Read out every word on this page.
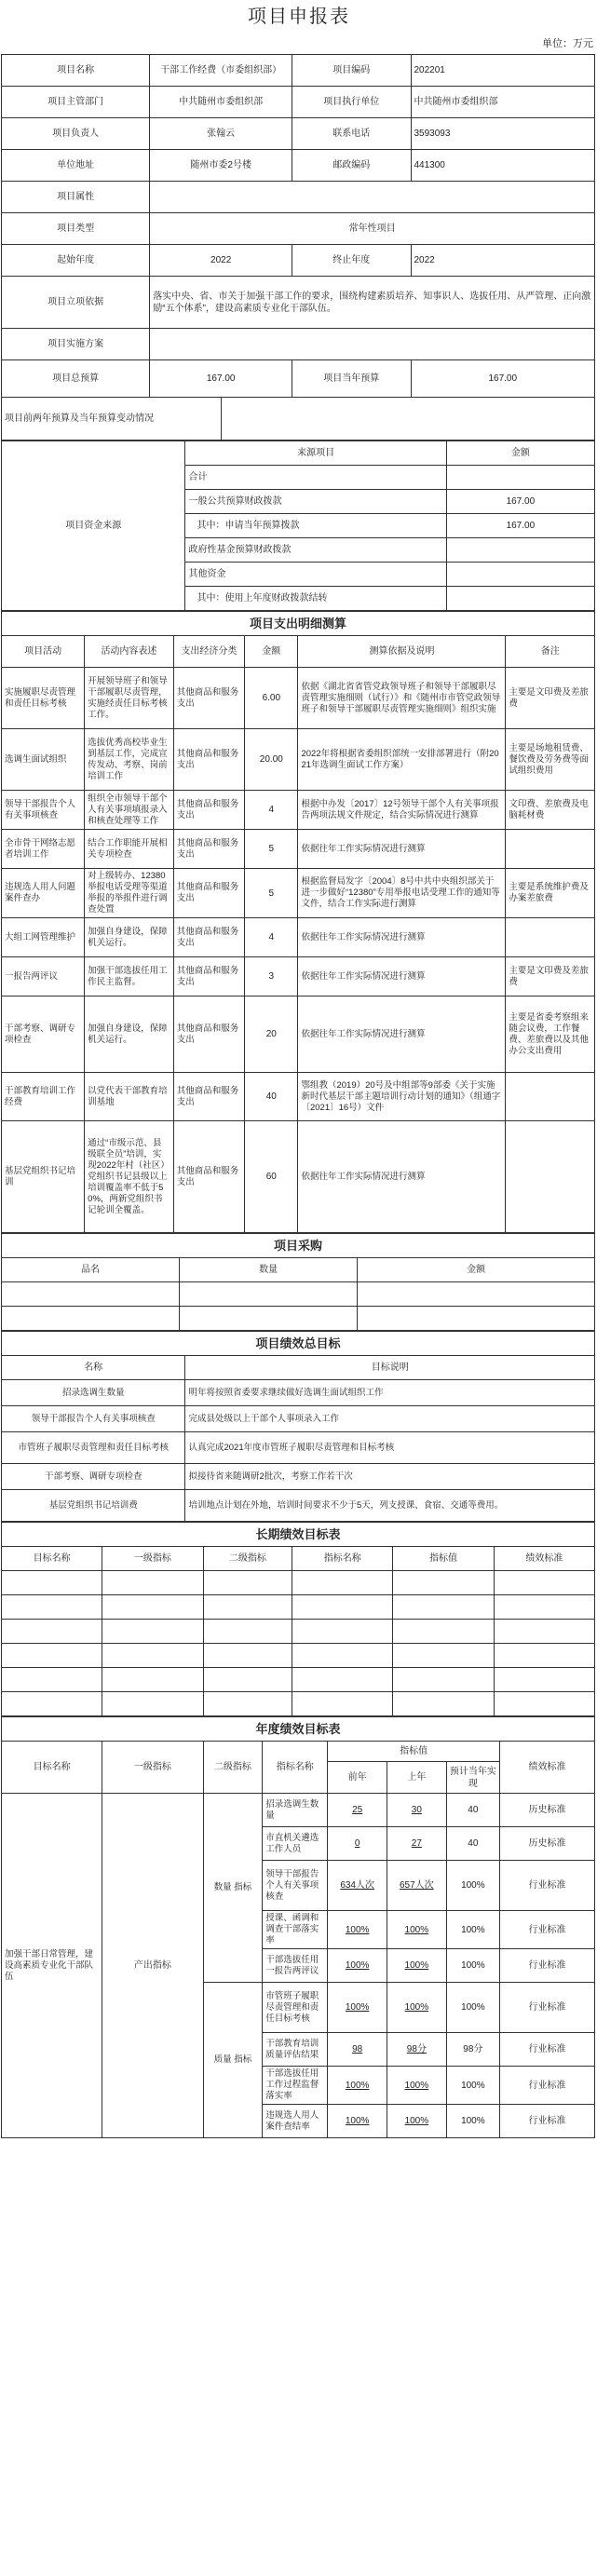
项目申报表
单位：万元
项目名称	干部工作经费（市委组织部）		项目编码	202201
项目主管部门	中共随州市委组织部		项目执行单位	中共随州市委组织部
项目负责人	张翰云		联系电话	3593093
单位地址	随州市委2号楼		邮政编码	441300
项目属性				
项目类型	常年性项目			
起始年度	2022		终止年度	2022
项目立项依据	落实中央、省、市关于加强干部工作的要求，围绕构建素质培养、知事识人、选拔任用、从严管理、正向激励“五个体系”，建设高素质专业化干部队伍。			
项目实施方案				
项目总预算	167.00		项目当年预算	167.00
项目前两年预算及当年预算变动情况				
项目资金来源	来源项目	金额
	合计	
	一般公共预算财政拨款	167.00
	其中：申请当年预算拨款	167.00
	政府性基金预算财政拨款	
	其他资金	
	其中：使用上年度财政拨款结转	
项目支出明细测算					
项目活动	活动内容表述	支出经济分类	金额	测算依据及说明	备注
实施履职尽责管理和责任目标考核	开展领导班子和领导干部履职尽责管理，实施经责任目标考核工作。	其他商品和服务支出	6.00	依据《湖北省省管党政领导班子和领导干部履职尽责管理实施细则（试行）》和《随州市市管党政领导班子和领导干部履职尽责管理实施细则》组织实施	主要是文印费及差旅费
选调生面试组织	选拔优秀高校毕业生到基层工作，完成宣传发动、考察、岗前培训工作	其他商品和服务支出	20.00	2022年将根据省委组织部统一安排部署进行（附2021年选调生面试工作方案）	主要是场地租赁费、餐饮费及劳务费等面试组织费用
领导干部报告个人有关事项核查	组织全市领导干部个人有关事项填报录入和核查处理等工作	其他商品和服务支出	4	根据中办发〔2017〕12号领导干部个人有关事项报告两项法规文件规定，结合实际情况进行测算	文印费、差旅费及电脑耗材费
全市骨干网络志愿者培训工作	结合工作职能开展相关专项检查	其他商品和服务支出	5	依据往年工作实际情况进行测算	
违规选人用人问题案件查办	对上级转办、12380举报电话受理等渠道举报的举报件进行调查处置	其他商品和服务支出	5	根据监督局发字〔2004〕8号中共中央组织部关于进一步做好“12380”专用举报电话受理工作的通知等文件，结合工作实际进行测算	主要是系统维护费及办案差旅费
大组工网管理维护	加强自身建设，保障机关运行。	其他商品和服务支出	4	依据往年工作实际情况进行测算	
一报告两评议	加强干部选拔任用工作民主监督。	其他商品和服务支出	3	依据往年工作实际情况进行测算	主要是文印费及差旅费
干部考察、调研专项检查	加强自身建设，保障机关运行。	其他商品和服务支出	20	依据往年工作实际情况进行测算	主要是省委考察组来随会议费，工作餐费、差旅费以及其他办公支出费用
干部教育培训工作经费	以党代表干部教育培训基地	其他商品和服务支出	40	鄂组教（2019）20号及中组部等9部委《关于实施新时代基层干部主题培训行动计划的通知》（组通字〔2021〕16号）文件	
基层党组织书记培训	通过“市级示范、县级联全员”培训，实现2022年村（社区）党组织书记县级以上培训覆盖率不低于50%，两新党组织书记轮训全覆盖。	其他商品和服务支出	60	依据往年工作实际情况进行测算	
项目采购		
品名	数量	金额

项目绩效总目标	
名称	目标说明
招录选调生数量	明年将按照省委要求继续做好选调生面试组织工作
领导干部报告个人有关事项核查	完成县处级以上干部个人事项录入工作
市管班子履职尽责管理和责任目标考核	认真完成2021年度市管班子履职尽责管理和目标考核
干部考察、调研专项检查	拟接待省来随调研2批次，考察工作若干次
基层党组织书记培训费	培训地点计划在外地，培训时间要求不少于5天，列支授课、食宿、交通等费用。
长期绩效目标表					
目标名称	一级指标	二级指标	指标名称	指标值	绩效标准

年度绩效目标表							
目标名称	一级指标	二级指标	指标名称	指标值			绩效标准
				前年	上年	预计当年实现	
加强干部日常管理，建设高素质专业化干部队伍	产出指标	数量 指标	招录选调生数量	25	30	40	历史标准
			市直机关遴选工作人员	0	27	40	历史标准
			领导干部报告个人有关事项核查	634人次	657人次	100%	行业标准
			授课、函调和调查干部落实率	100%	100%	100%	行业标准
			干部选拔任用一报告两评议	100%	100%	100%	行业标准
		质量 指标	市管班子履职尽责管理和责任目标考核	100%	100%	100%	行业标准
			干部教育培训质量评估结果	98	98分	98分	行业标准
			干部选拔任用工作过程监督落实率	100%	100%	100%	行业标准
			违规选人用人案件查结率	100%	100%	100%	行业标准
